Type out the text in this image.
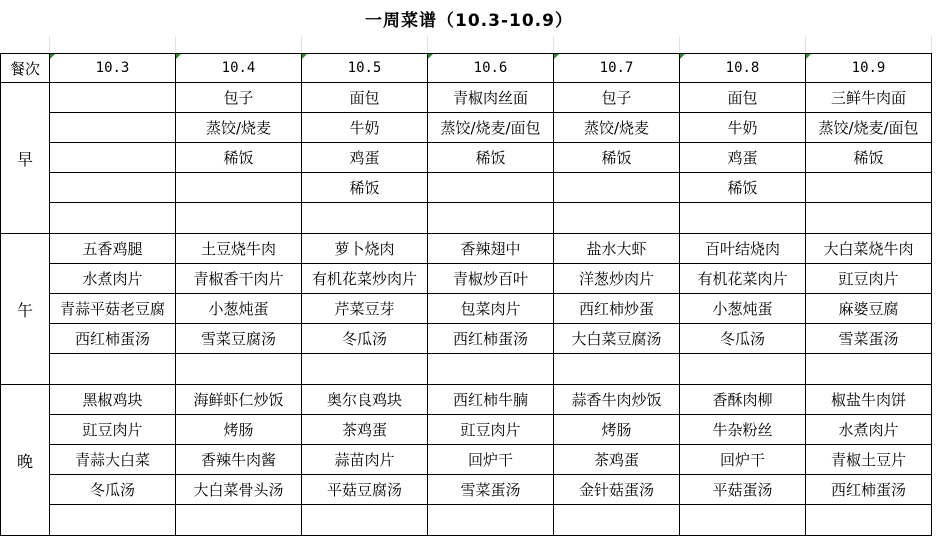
一周菜谱（10.3-10.9）
餐次	10.3	10.4	10.5	10.6	10.7	10.8	10.9
早		包子	面包	青椒肉丝面	包子	面包	三鲜牛肉面
		蒸饺/烧麦	牛奶	蒸饺/烧麦/面包	蒸饺/烧麦	牛奶	蒸饺/烧麦/面包
		稀饭	鸡蛋	稀饭	稀饭	鸡蛋	稀饭
			稀饭			稀饭	

午	五香鸡腿	土豆烧牛肉	萝卜烧肉	香辣翅中	盐水大虾	百叶结烧肉	大白菜烧牛肉
	水煮肉片	青椒香干肉片	有机花菜炒肉片	青椒炒百叶	洋葱炒肉片	有机花菜肉片	豇豆肉片
	青蒜平菇老豆腐	小葱炖蛋	芹菜豆芽	包菜肉片	西红柿炒蛋	小葱炖蛋	麻婆豆腐
	西红柿蛋汤	雪菜豆腐汤	冬瓜汤	西红柿蛋汤	大白菜豆腐汤	冬瓜汤	雪菜蛋汤

晚	黑椒鸡块	海鲜虾仁炒饭	奥尔良鸡块	西红柿牛腩	蒜香牛肉炒饭	香酥肉柳	椒盐牛肉饼
	豇豆肉片	烤肠	茶鸡蛋	豇豆肉片	烤肠	牛杂粉丝	水煮肉片
	青蒜大白菜	香辣牛肉酱	蒜苗肉片	回炉干	茶鸡蛋	回炉干	青椒土豆片
	冬瓜汤	大白菜骨头汤	平菇豆腐汤	雪菜蛋汤	金针菇蛋汤	平菇蛋汤	西红柿蛋汤
